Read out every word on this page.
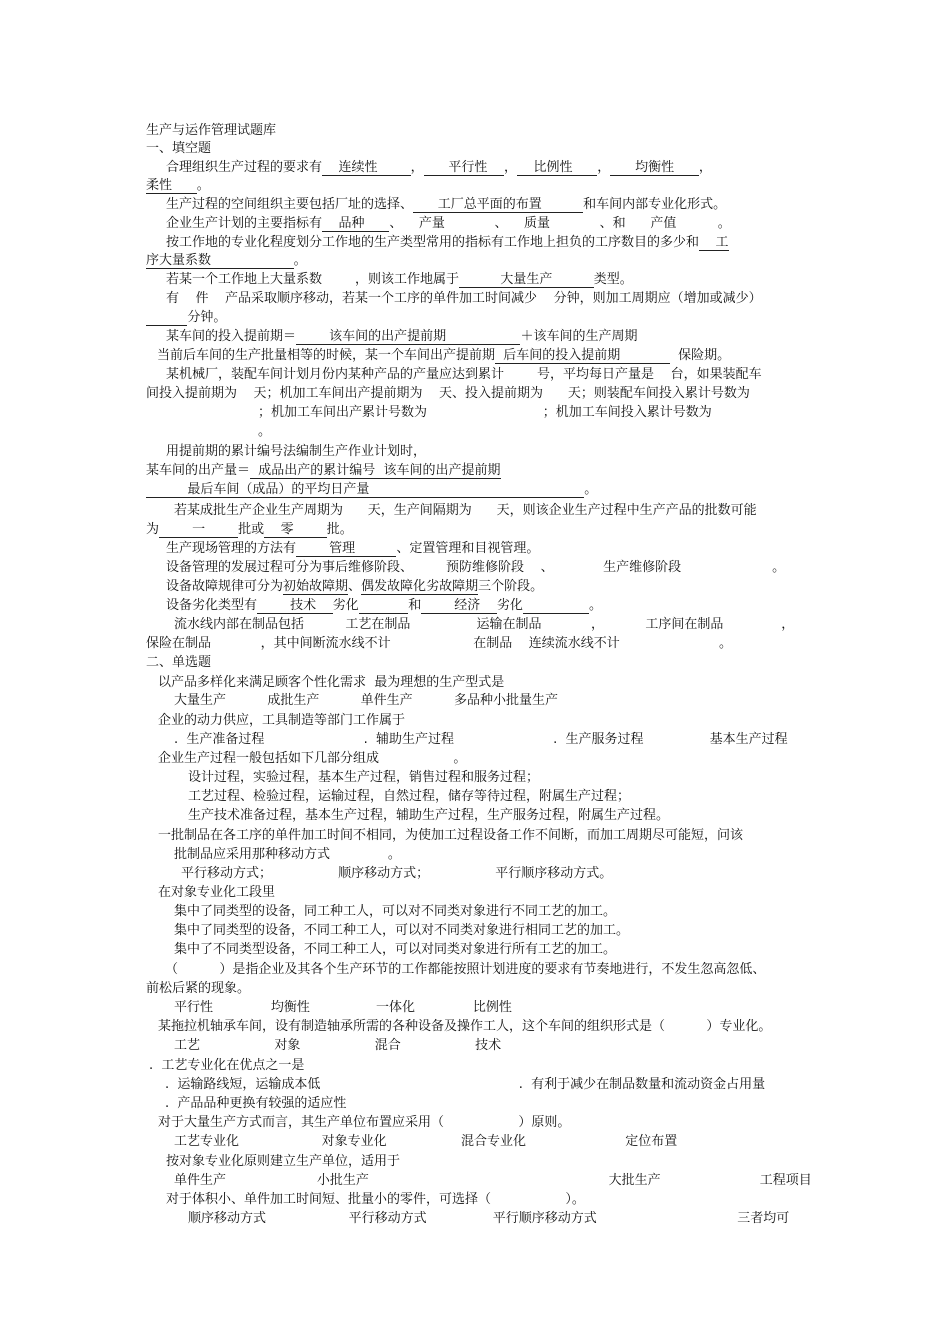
生产与运作管理试题库
一、填空题
合理组织生产过程的要求有    连续性        ，      平行性    ，    比例性      ，      均衡性      ，
柔性      。
生产过程的空间组织主要包括厂址的选择、      工厂总平面的布置          和车间内部专业化形式。
企业生产计划的主要指标有    品种      、    产量            、    质量            、和      产值          。
按工作地的专业化程度划分工作地的生产类型常用的指标有工作地上担负的工序数目的多少和    工
序大量系数                    。
若某一个工作地上大量系数        ，则该工作地属于          大量生产          类型。
有    件    产品采取顺序移动，若某一个工序的单件加工时间减少    分钟，则加工周期应（增加或减少）
分钟。
某车间的投入提前期＝        该车间的出产提前期                  ＋该车间的生产周期
当前后车间的生产批量相等的时候，某一个车间出产提前期  后车间的投入提前期              保险期。
某机械厂，装配车间计划月份内某种产品的产量应达到累计        号，平均每日产量是    台，如果装配车
间投入提前期为    天；机加工车间出产提前期为    天、投入提前期为      天；则装配车间投入累计号数为
；机加工车间出产累计号数为                            ；机加工车间投入累计号数为
。
用提前期的累计编号法编制生产作业计划时，
某车间的出产量＝  成品出产的累计编号  该车间的出产提前期
最后车间（成品）的平均日产量                                                    。
若某成批生产企业生产周期为      天，生产间隔期为      天，则该企业生产过程中生产产品的批数可能
为        一        批或    零        批。
生产现场管理的方法有        管理          、定置管理和目视管理。
设备管理的发展过程可分为事后维修阶段、        预防维修阶段    、            生产维修阶段                      。
设备故障规律可分为初始故障期、偶发故障化劣故障期三个阶段。
设备劣化类型有        技术    劣化	和        经济    劣化	。
流水线内部在制品包括          工艺在制品                运输在制品            ，          工序间在制品              ，
保险在制品            ，其中间断流水线不计                    在制品    连续流水线不计                        。
二、单选题
以产品多样化来满足顾客个性化需求  最为理想的生产型式是
大量生产          成批生产          单件生产          多品种小批量生产
企业的动力供应，工具制造等部门工作属于
.  生产准备过程                        .  辅助生产过程                        .  生产服务过程                基本生产过程
企业生产过程一般包括如下几部分组成                  。
设计过程，实验过程，基本生产过程，销售过程和服务过程；
工艺过程、检验过程，运输过程，自然过程，储存等待过程，附属生产过程；
生产技术准备过程，基本生产过程，辅助生产过程，生产服务过程，附属生产过程。
一批制品在各工序的单件加工时间不相同，为使加工过程设备工作不间断，而加工周期尽可能短，问该
批制品应采用那种移动方式              。
平行移动方式；                顺序移动方式；                平行顺序移动方式。
在对象专业化工段里
集中了同类型的设备，同工种工人，可以对不同类对象进行不同工艺的加工。
集中了同类型的设备，不同工种工人，可以对不同类对象进行相同工艺的加工。
集中了不同类型设备，不同工种工人，可以对同类对象进行所有工艺的加工。
（          ）是指企业及其各个生产环节的工作都能按照计划进度的要求有节奏地进行，不发生忽高忽低、
前松后紧的现象。
平行性              均衡性                一体化              比例性
某拖拉机轴承车间，设有制造轴承所需的各种设备及操作工人，这个车间的组织形式是（          ）专业化。
工艺                  对象                  混合                  技术
.  工艺专业化在优点之一是
.  运输路线短，运输成本低                                                .  有利于减少在制品数量和流动资金占用量
.  产品品种更换有较强的适应性
对于大量生产方式而言，其生产单位布置应采用（                  ）原则。
工艺专业化                    对象专业化                  混合专业化                        定位布置
按对象专业化原则建立生产单位，适用于
单件生产                      小批生产                                                          大批生产                        工程项目
对于体积小、单件加工时间短、批量小的零件，可选择（                  ）。
顺序移动方式                    平行移动方式                平行顺序移动方式                                  三者均可
